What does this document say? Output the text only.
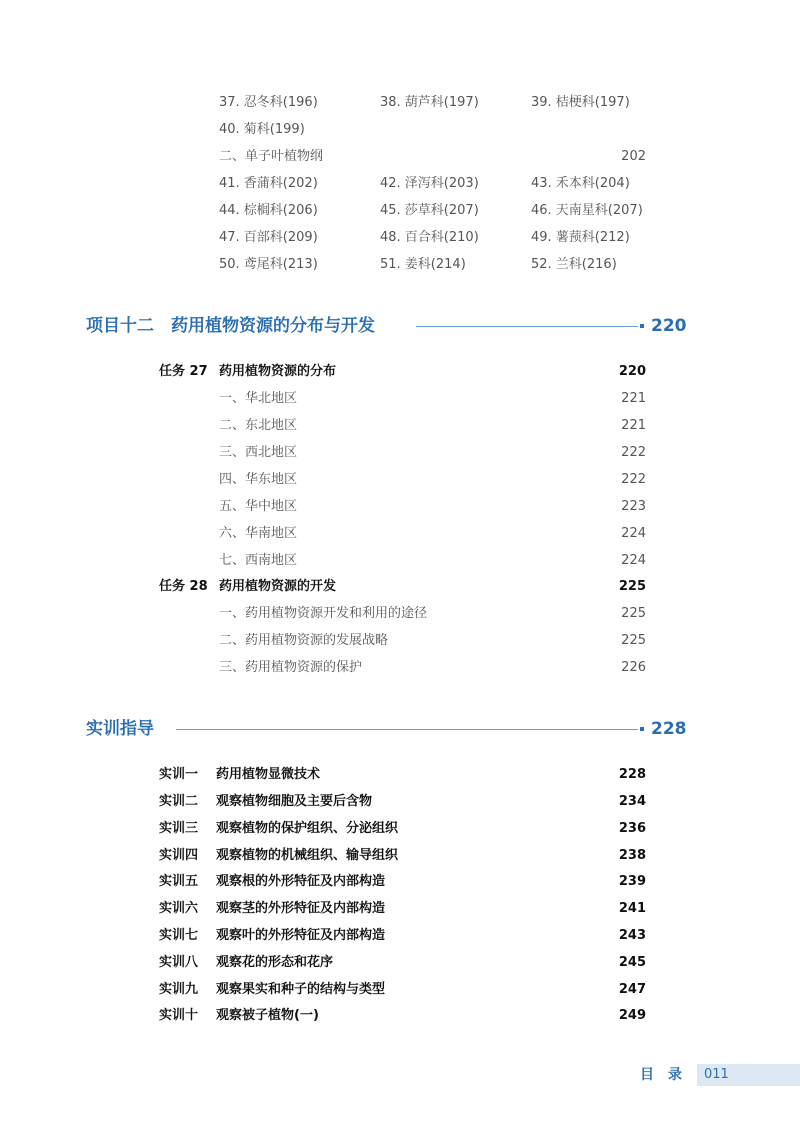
37. 忍冬科(196)	38. 葫芦科(197)	39. 桔梗科(197)
40. 菊科(199)
二、单子叶植物纲	202
41. 香蒲科(202)	42. 泽泻科(203)	43. 禾本科(204)
44. 棕榈科(206)	45. 莎草科(207)	46. 天南星科(207)
47. 百部科(209)	48. 百合科(210)	49. 薯蓣科(212)
50. 鸢尾科(213)	51. 姜科(214)	52. 兰科(216)
项目十二　药用植物资源的分布与开发	220
任务 27 药用植物资源的分布	220
一、华北地区	221
二、东北地区	221
三、西北地区	222
四、华东地区	222
五、华中地区	223
六、华南地区	224
七、西南地区	224
任务 28 药用植物资源的开发	225
一、药用植物资源开发和利用的途径	225
二、药用植物资源的发展战略	225
三、药用植物资源的保护	226
实训指导	228
实训一 药用植物显微技术	228
实训二 观察植物细胞及主要后含物	234
实训三 观察植物的保护组织、分泌组织	236
实训四 观察植物的机械组织、输导组织	238
实训五 观察根的外形特征及内部构造	239
实训六 观察茎的外形特征及内部构造	241
实训七 观察叶的外形特征及内部构造	243
实训八 观察花的形态和花序	245
实训九 观察果实和种子的结构与类型	247
实训十 观察被子植物(一)	249
目录 011
